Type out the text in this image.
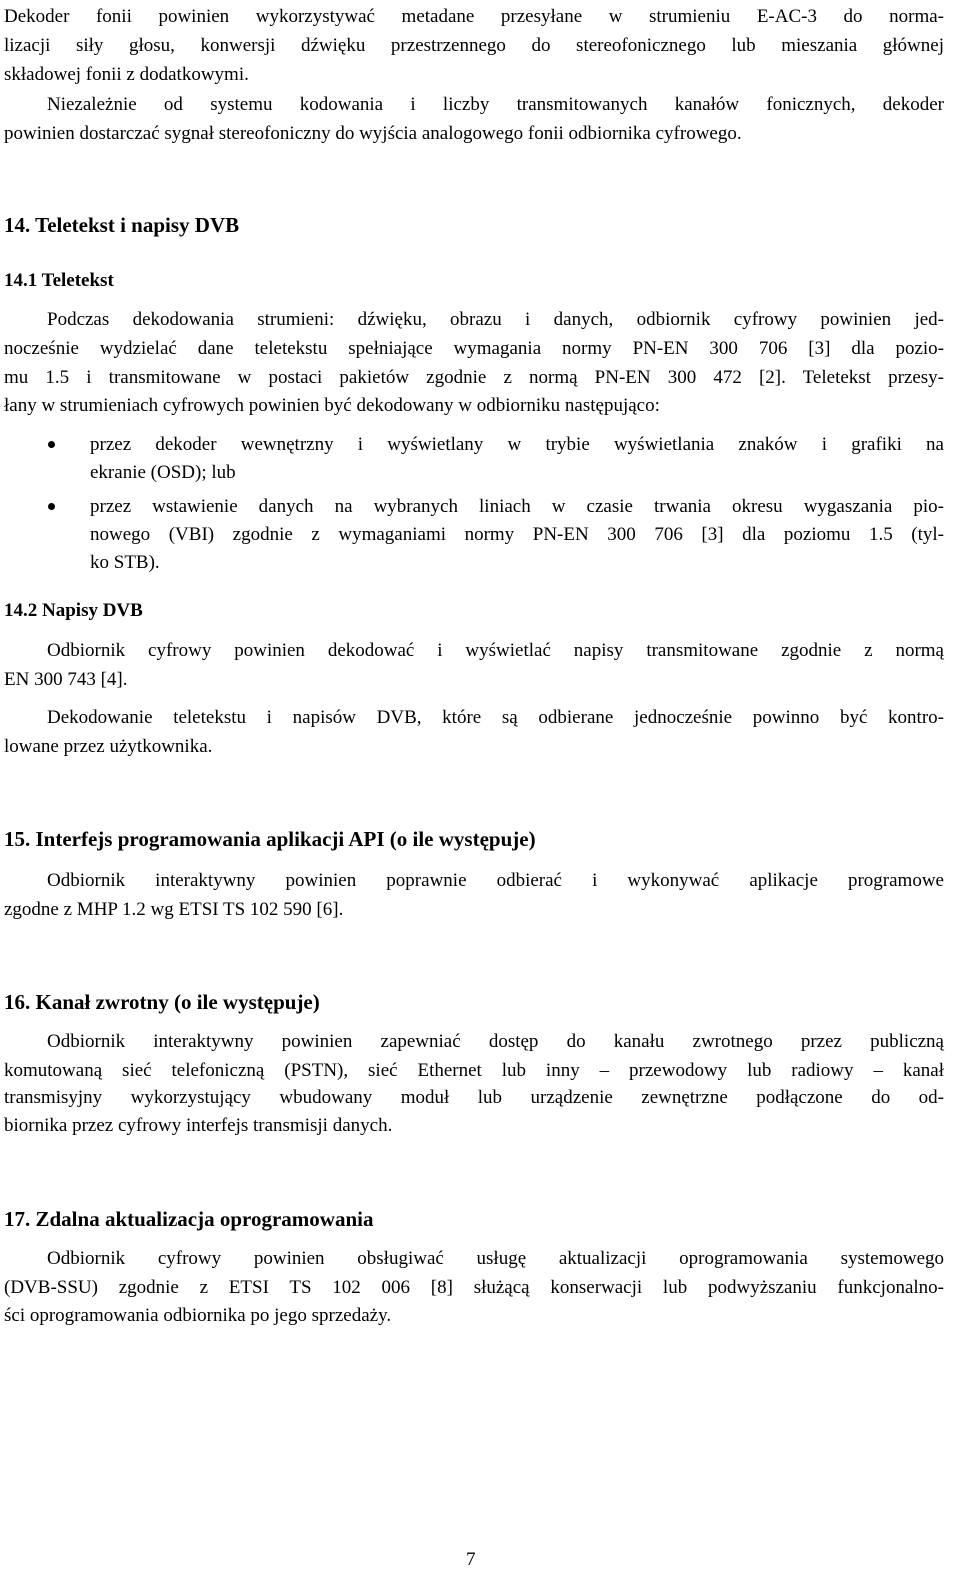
Dekoder fonii powinien wykorzystywać metadane przesyłane w strumieniu E-AC-3 do norma-
lizacji siły głosu, konwersji dźwięku przestrzennego do stereofonicznego lub mieszania głównej
składowej fonii z dodatkowymi.
Niezależnie od systemu kodowania i liczby transmitowanych kanałów fonicznych, dekoder
powinien dostarczać sygnał stereofoniczny do wyjścia analogowego fonii odbiornika cyfrowego.
14. Teletekst i napisy DVB
14.1 Teletekst
Podczas dekodowania strumieni: dźwięku, obrazu i danych, odbiornik cyfrowy powinien jed-
nocześnie wydzielać dane teletekstu spełniające wymagania normy PN-EN 300 706 [3] dla pozio-
mu 1.5 i transmitowane w postaci pakietów zgodnie z normą PN-EN 300 472 [2]. Teletekst przesy-
łany w strumieniach cyfrowych powinien być dekodowany w odbiorniku następująco:
przez dekoder wewnętrzny i wyświetlany w trybie wyświetlania znaków i grafiki na
ekranie (OSD); lub
przez wstawienie danych na wybranych liniach w czasie trwania okresu wygaszania pio-
nowego (VBI) zgodnie z wymaganiami normy PN-EN 300 706 [3] dla poziomu 1.5 (tyl-
ko STB).
14.2 Napisy DVB
Odbiornik cyfrowy powinien dekodować i wyświetlać napisy transmitowane zgodnie z normą
EN 300 743 [4].
Dekodowanie teletekstu i napisów DVB, które są odbierane jednocześnie powinno być kontro-
lowane przez użytkownika.
15. Interfejs programowania aplikacji API (o ile występuje)
Odbiornik interaktywny powinien poprawnie odbierać i wykonywać aplikacje programowe
zgodne z MHP 1.2 wg ETSI TS 102 590 [6].
16. Kanał zwrotny (o ile występuje)
Odbiornik interaktywny powinien zapewniać dostęp do kanału zwrotnego przez publiczną
komutowaną sieć telefoniczną (PSTN), sieć Ethernet lub inny – przewodowy lub radiowy – kanał
transmisyjny wykorzystujący wbudowany moduł lub urządzenie zewnętrzne podłączone do od-
biornika przez cyfrowy interfejs transmisji danych.
17. Zdalna aktualizacja oprogramowania
Odbiornik cyfrowy powinien obsługiwać usługę aktualizacji oprogramowania systemowego
(DVB-SSU) zgodnie z ETSI TS 102 006 [8] służącą konserwacji lub podwyższaniu funkcjonalno-
ści oprogramowania odbiornika po jego sprzedaży.
7
